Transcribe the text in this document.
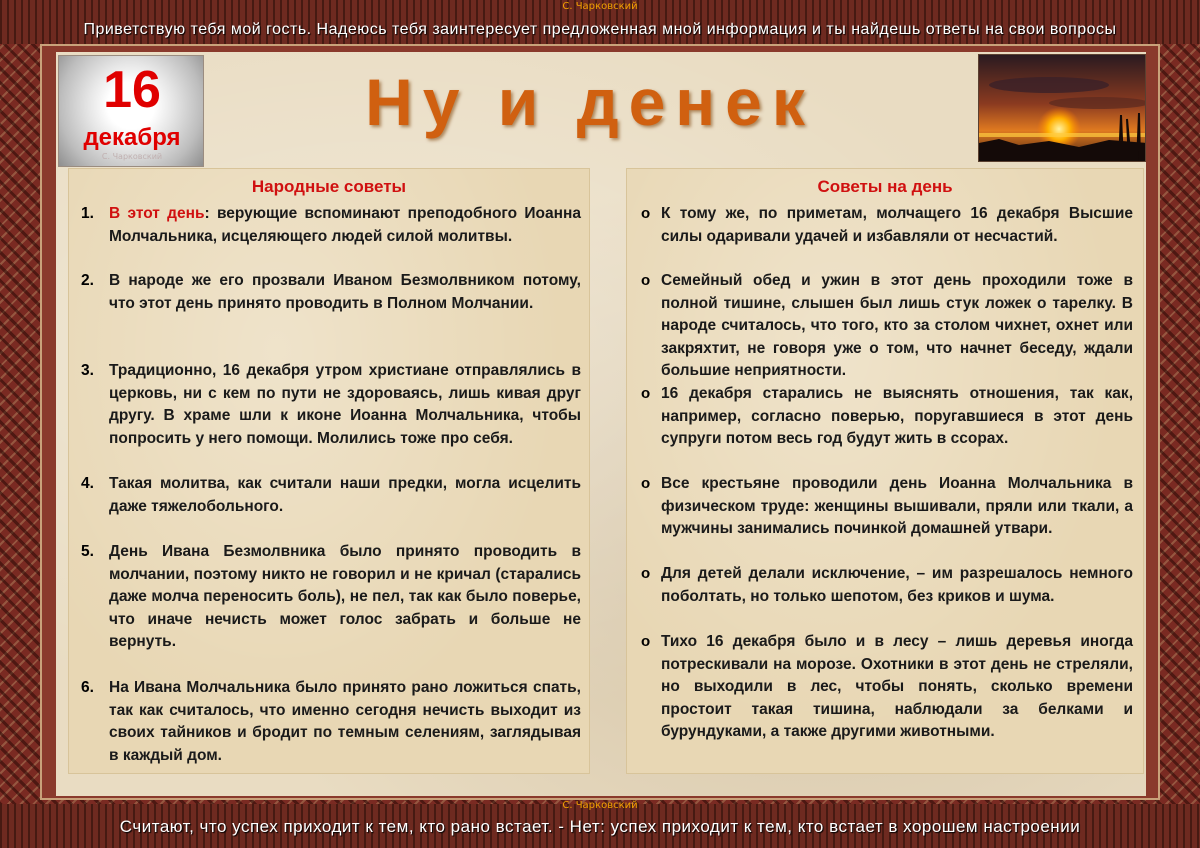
С. Чарковский
Приветствую тебя мой гость. Надеюсь тебя заинтересует предложенная мной информация и ты найдешь ответы на свои вопросы
16
декабря
С. Чарковский
Ну и денек
Народные советы
1. В этот день: верующие вспоминают преподобного Иоанна Молчальника, исцеляющего людей силой молитвы.
2. В народе же его прозвали Иваном Безмолвником потому, что этот день принято проводить в Полном Молчании.
3. Традиционно, 16 декабря утром христиане отправлялись в церковь, ни с кем по пути не здороваясь, лишь кивая друг другу. В храме шли к иконе Иоанна Молчальника, чтобы попросить у него помощи. Молились тоже про себя.
4. Такая молитва, как считали наши предки, могла исцелить даже тяжелобольного.
5. День Ивана Безмолвника было принято проводить в молчании, поэтому никто не говорил и не кричал (старались даже молча переносить боль), не пел, так как было поверье, что иначе нечисть может голос забрать и больше не вернуть.
6. На Ивана Молчальника было принято рано ложиться спать, так как считалось, что именно сегодня нечисть выходит из своих тайников и бродит по темным селениям, заглядывая в каждый дом.
Советы на день
o К тому же, по приметам, молчащего 16 декабря Высшие силы одаривали удачей и избавляли от несчастий.
o Семейный обед и ужин в этот день проходили тоже в полной тишине, слышен был лишь стук ложек о тарелку. В народе считалось, что того, кто за столом чихнет, охнет или закряхтит, не говоря уже о том, что начнет беседу, ждали большие неприятности.
o 16 декабря старались не выяснять отношения, так как, например, согласно поверью, поругавшиеся в этот день супруги потом весь год будут жить в ссорах.
o Все крестьяне проводили день Иоанна Молчальника в физическом труде: женщины вышивали, пряли или ткали, а мужчины занимались починкой домашней утвари.
o Для детей делали исключение, – им разрешалось немного поболтать, но только шепотом, без криков и шума.
o Тихо 16 декабря было и в лесу – лишь деревья иногда потрескивали на морозе. Охотники в этот день не стреляли, но выходили в лес, чтобы понять, сколько времени простоит такая тишина, наблюдали за белками и бурундуками, а также другими животными.
С. Чарковский
Считают, что успех приходит к тем, кто рано встает. - Нет: успех приходит к тем, кто встает в хорошем настроении
